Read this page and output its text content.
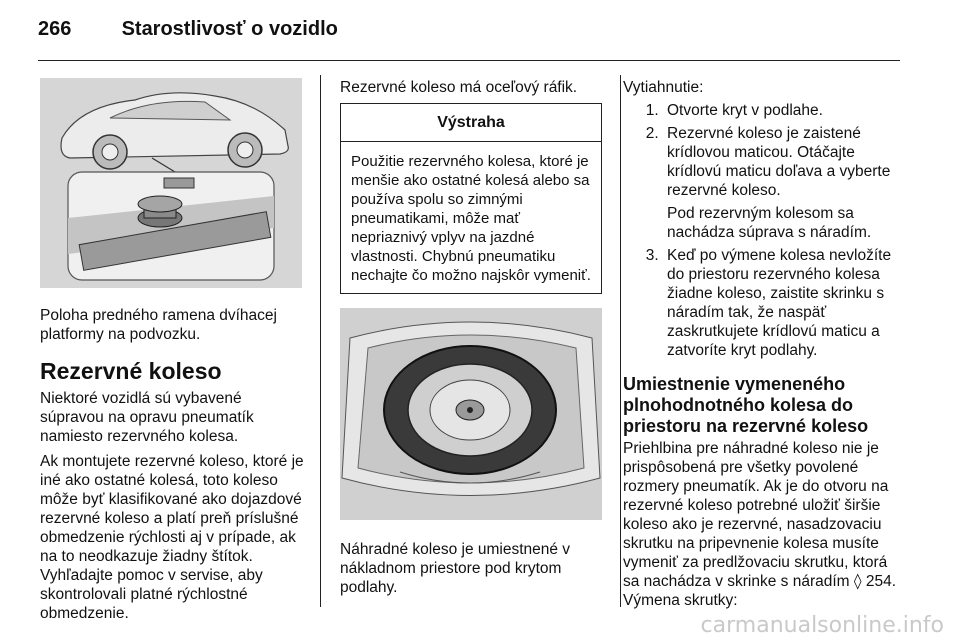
266	Starostlivosť o vozidlo

Poloha predného ramena dvíhacej platformy na podvozku.

Rezervné koleso

Niektoré vozidlá sú vybavené súpravou na opravu pneumatík namiesto rezervného kolesa.

Ak montujete rezervné koleso, ktoré je iné ako ostatné kolesá, toto koleso môže byť klasifikované ako dojazdové rezervné koleso a platí preň príslušné obmedzenie rýchlosti aj v prípade, ak na to neodkazuje žiadny štítok. Vyhľadajte pomoc v servise, aby skontrolovali platné rýchlostné obmedzenie.

Rezervné koleso má oceľový ráfik.

Výstraha
Použitie rezervného kolesa, ktoré je menšie ako ostatné kolesá alebo sa používa spolu so zimnými pneumatikami, môže mať nepriaznivý vplyv na jazdné vlastnosti. Chybnú pneumatiku nechajte čo možno najskôr vymeniť.

Náhradné koleso je umiestnené v nákladnom priestore pod krytom podlahy.

Vytiahnutie:

1. Otvorte kryt v podlahe.
2. Rezervné koleso je zaistené krídlovou maticou. Otáčajte krídlovú maticu doľava a vyberte rezervné koleso.
Pod rezervným kolesom sa nachádza súprava s náradím.
3. Keď po výmene kolesa nevložíte do priestoru rezervného kolesa žiadne koleso, zaistite skrinku s náradím tak, že naspäť zaskrutkujete krídlovú maticu a zatvoríte kryt podlahy.
Umiestnenie vymeneného plnohodnotného kolesa do priestoru na rezervné koleso

Priehlbina pre náhradné koleso nie je prispôsobená pre všetky povolené rozmery pneumatík. Ak je do otvoru na rezervné koleso potrebné uložiť širšie koleso ako je rezervné, nasadzovaciu skrutku na pripevnenie kolesa musíte vymeniť za predlžovaciu skrutku, ktorá sa nachádza v skrinke s náradím ◊ 254.

Výmena skrutky:

carmanualsonline.info
